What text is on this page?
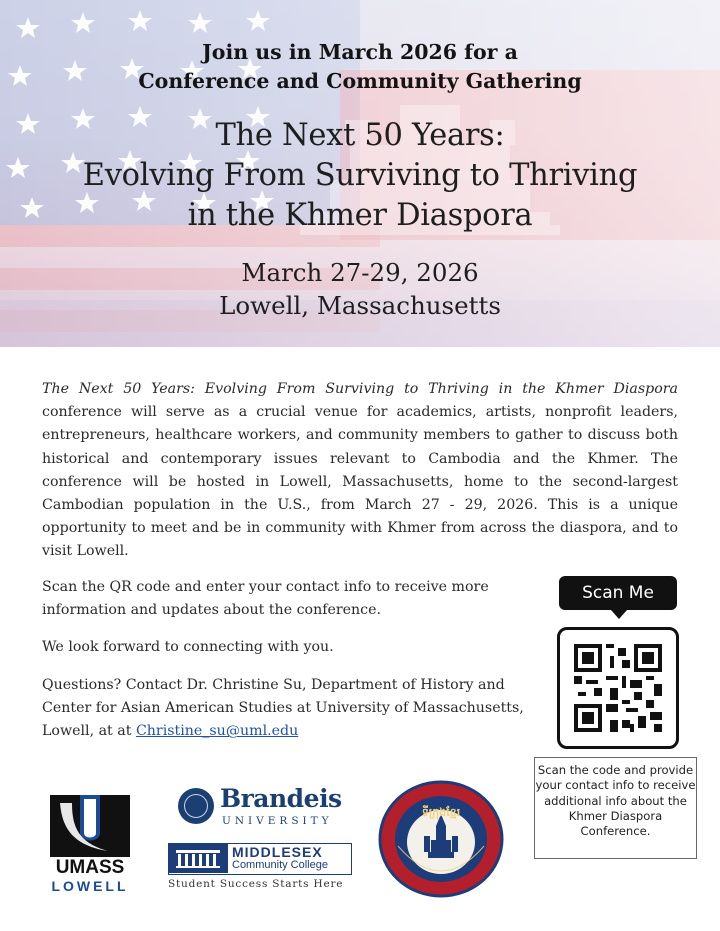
Join us in March 2026 for a
Conference and Community Gathering
The Next 50 Years:
Evolving From Surviving to Thriving
in the Khmer Diaspora
March 27-29, 2026
Lowell, Massachusetts
The Next 50 Years: Evolving From Surviving to Thriving in the Khmer Diaspora conference will serve as a crucial venue for academics, artists, nonprofit leaders, entrepreneurs, healthcare workers, and community members to gather to discuss both historical and contemporary issues relevant to Cambodia and the Khmer. The conference will be hosted in Lowell, Massachusetts, home to the second-largest Cambodian population in the U.S., from March 27 - 29, 2026. This is a unique opportunity to meet and be in community with Khmer from across the diaspora, and to visit Lowell.
Scan the QR code and enter your contact info to receive more information and updates about the conference.
We look forward to connecting with you.
Questions? Contact Dr. Christine Su, Department of History and Center for Asian American Studies at University of Massachusetts, Lowell, at at Christine_su@uml.edu
Scan Me
Scan the code and provide your contact info to receive additional info about the Khmer Diaspora Conference.
UMASS
LOWELL
Brandeis
UNIVERSITY
MIDDLESEX
Community College
Student Success Starts Here
ទីក្រុងខ្មែរ
